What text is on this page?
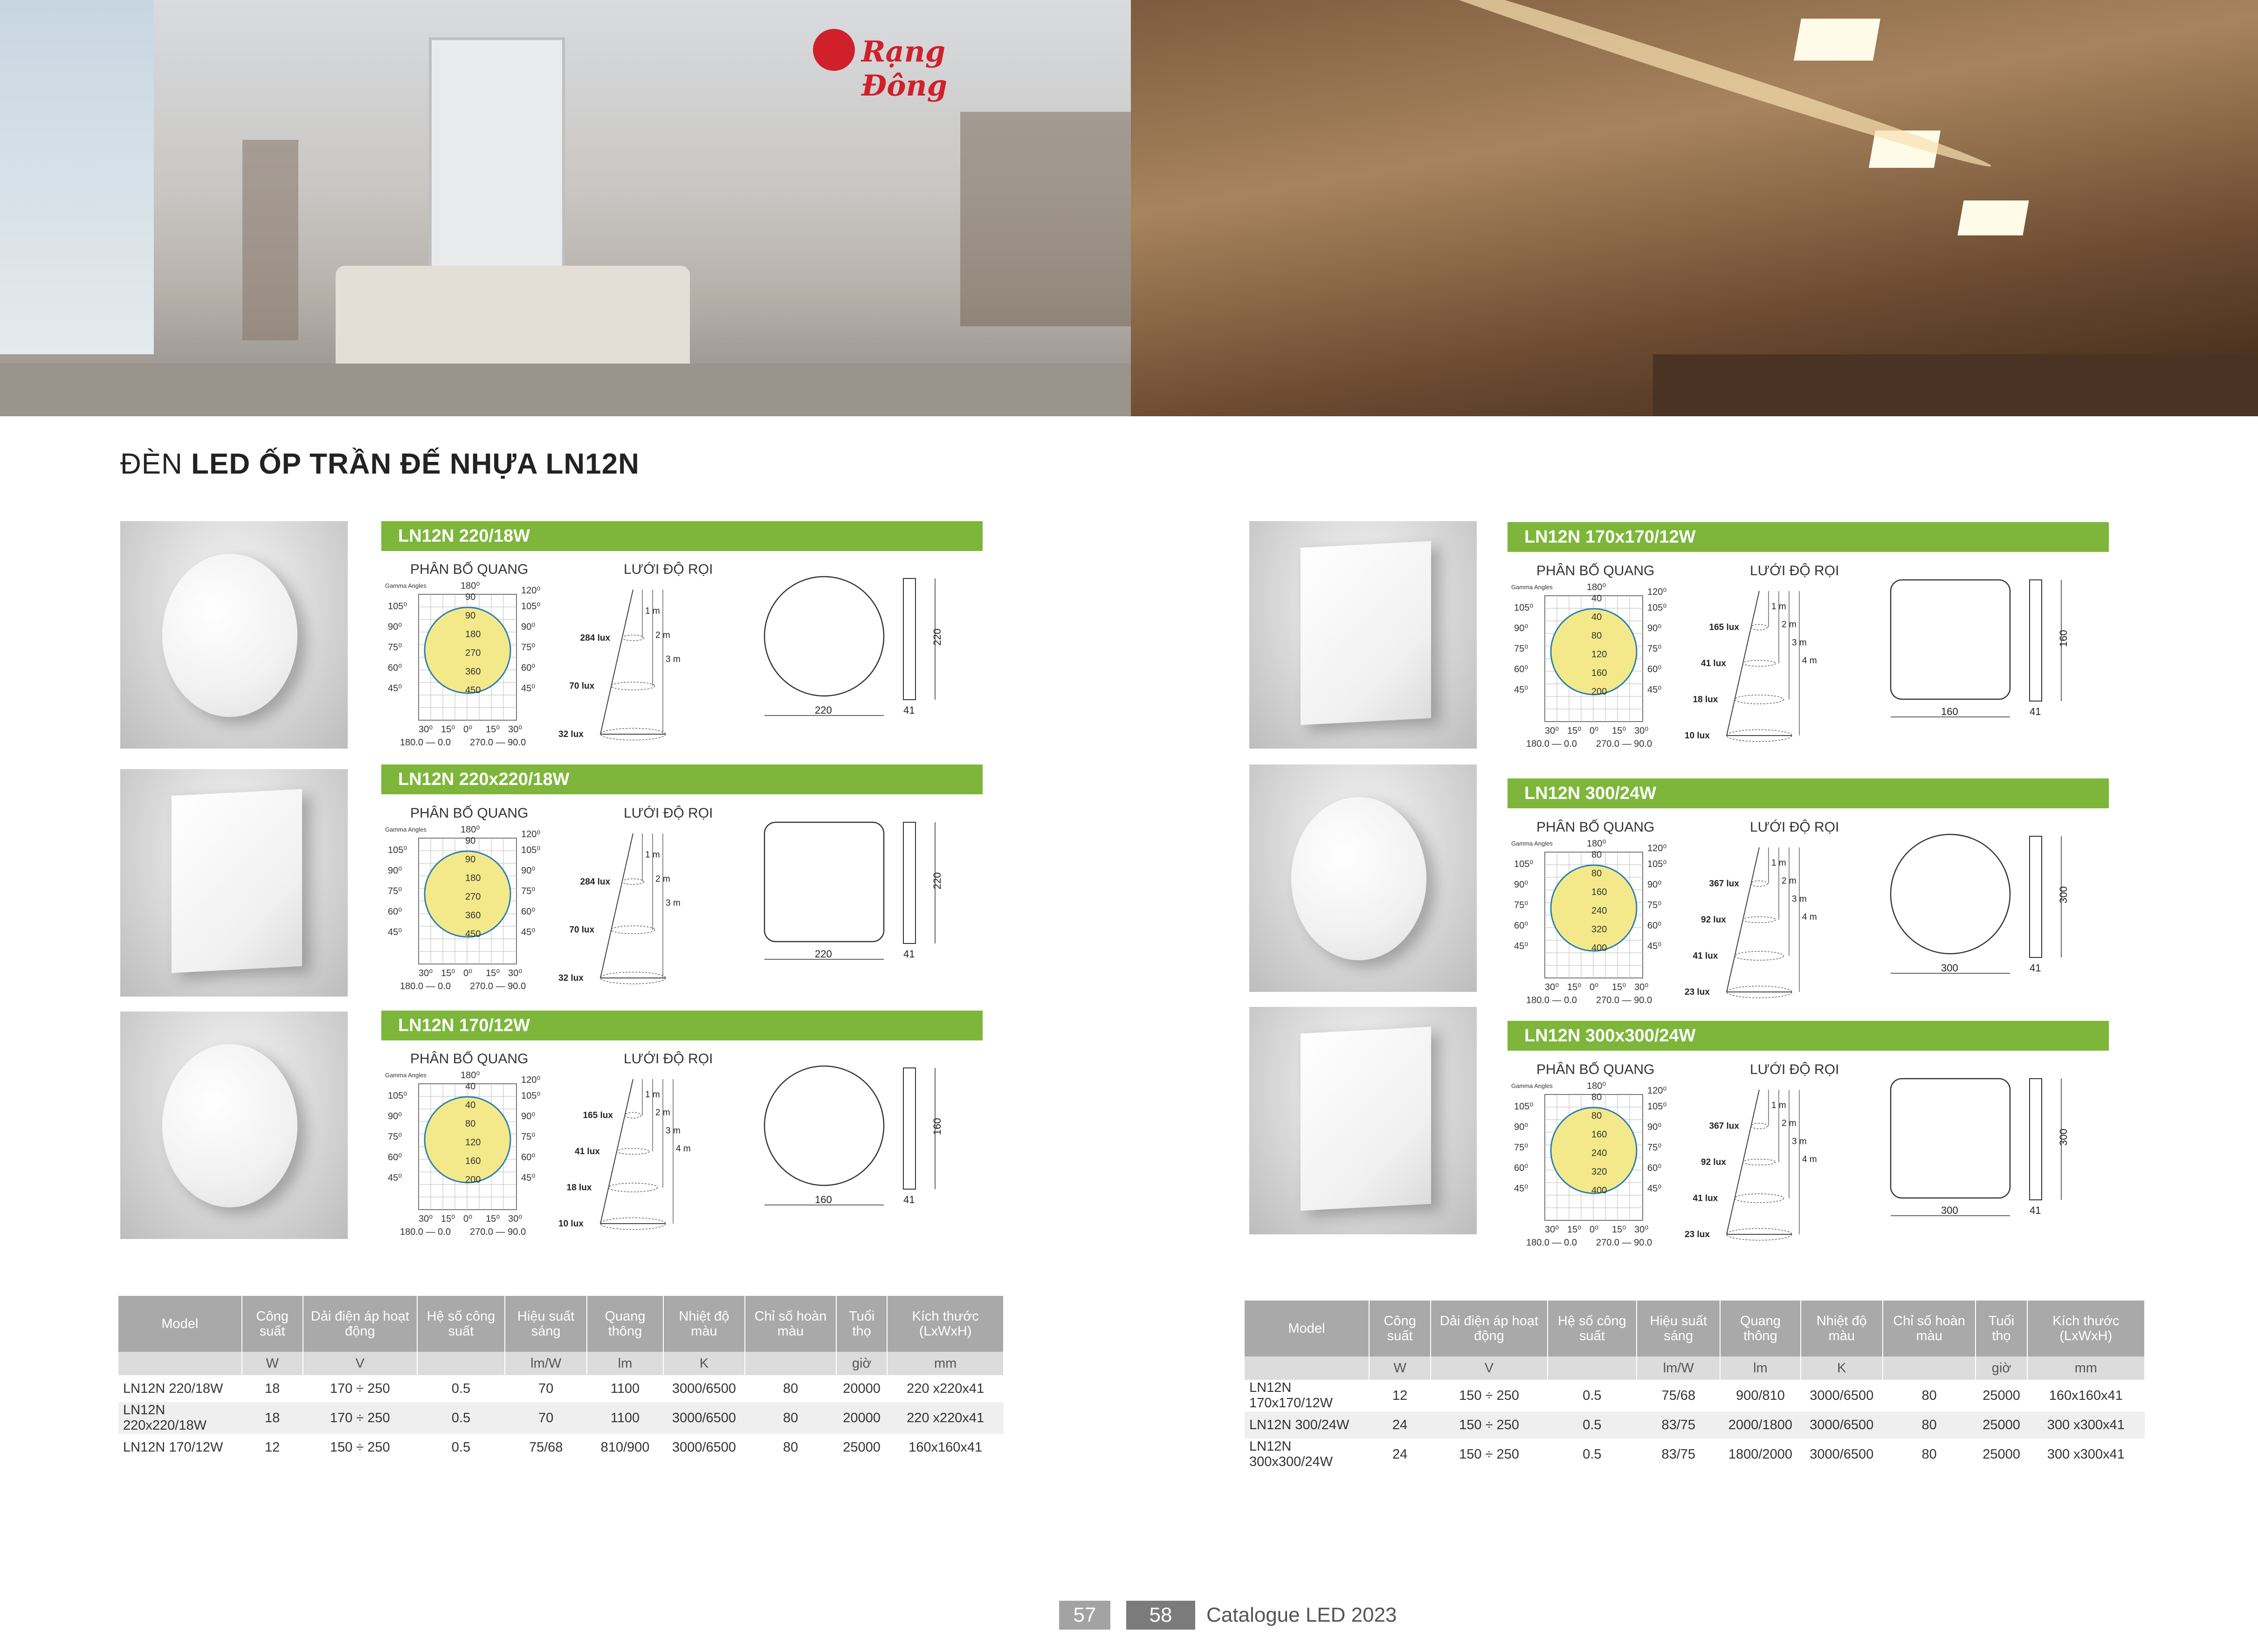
Rạng Đông
ĐÈN LED ỐP TRẦN ĐẾ NHỰA LN12N
LN12N 220/18W
PHÂN BỐ QUANG	LƯỚI ĐỘ RỌI
Gamma Angles	180⁰	120⁰
105⁰
90⁰
75⁰
60⁰
45⁰
105⁰
90⁰
75⁰
60⁰
45⁰
90
90
180
270
360
450
30⁰ 15⁰ 0⁰ 15⁰ 30⁰
180.0 — 0.0 270.0 — 90.0
284 lux
70 lux
32 lux
1 m
2 m
3 m
220
220
41
LN12N 220x220/18W
PHÂN BỐ QUANG	LƯỚI ĐỘ RỌI
Gamma Angles	180⁰	120⁰
105⁰
90⁰
75⁰
60⁰
45⁰
105⁰
90⁰
75⁰
60⁰
45⁰
90
90
180
270
360
450
30⁰ 15⁰ 0⁰ 15⁰ 30⁰
180.0 — 0.0 270.0 — 90.0
284 lux
70 lux
32 lux
1 m
2 m
3 m
220
220
41
LN12N 170/12W
PHÂN BỐ QUANG	LƯỚI ĐỘ RỌI
Gamma Angles	180⁰	120⁰
105⁰
90⁰
75⁰
60⁰
45⁰
105⁰
90⁰
75⁰
60⁰
45⁰
40
40
80
120
160
200
30⁰ 15⁰ 0⁰ 15⁰ 30⁰
180.0 — 0.0 270.0 — 90.0
165 lux
41 lux
18 lux
10 lux
1 m
2 m
3 m
4 m
160
160
41
LN12N 170x170/12W
PHÂN BỐ QUANG	LƯỚI ĐỘ RỌI
Gamma Angles	180⁰	120⁰
105⁰
90⁰
75⁰
60⁰
45⁰
105⁰
90⁰
75⁰
60⁰
45⁰
40
40
80
120
160
200
30⁰ 15⁰ 0⁰ 15⁰ 30⁰
180.0 — 0.0 270.0 — 90.0
165 lux
41 lux
18 lux
10 lux
1 m
2 m
3 m
4 m
160
160
41
LN12N 300/24W
PHÂN BỐ QUANG	LƯỚI ĐỘ RỌI
Gamma Angles	180⁰	120⁰
105⁰
90⁰
75⁰
60⁰
45⁰
105⁰
90⁰
75⁰
60⁰
45⁰
80
80
160
240
320
400
30⁰ 15⁰ 0⁰ 15⁰ 30⁰
180.0 — 0.0 270.0 — 90.0
367 lux
92 lux
41 lux
23 lux
1 m
2 m
3 m
4 m
300
300
41
LN12N 300x300/24W
PHÂN BỐ QUANG	LƯỚI ĐỘ RỌI
Gamma Angles	180⁰	120⁰
105⁰
90⁰
75⁰
60⁰
45⁰
105⁰
90⁰
75⁰
60⁰
45⁰
80
80
160
240
320
400
30⁰ 15⁰ 0⁰ 15⁰ 30⁰
180.0 — 0.0 270.0 — 90.0
367 lux
92 lux
41 lux
23 lux
1 m
2 m
3 m
4 m
300
300
41
Model	Công suất	Dải điện áp hoạt động	Hệ số công suất	Hiệu suất sáng	Quang thông	Nhiệt độ màu	Chỉ số hoàn màu	Tuổi thọ	Kích thước (LxWxH)
	W	V		lm/W	lm	K		giờ	mm
LN12N 220/18W	18	170 ÷ 250	0.5	70	1100	3000/6500	80	20000	220 x220x41
LN12N 220x220/18W	18	170 ÷ 250	0.5	70	1100	3000/6500	80	20000	220 x220x41
LN12N 170/12W	12	150 ÷ 250	0.5	75/68	810/900	3000/6500	80	25000	160x160x41
Model	Công suất	Dải điện áp hoạt động	Hệ số công suất	Hiệu suất sáng	Quang thông	Nhiệt độ màu	Chỉ số hoàn màu	Tuổi thọ	Kích thước (LxWxH)
	W	V		lm/W	lm	K		giờ	mm
LN12N 170x170/12W	12	150 ÷ 250	0.5	75/68	900/810	3000/6500	80	25000	160x160x41
LN12N 300/24W	24	150 ÷ 250	0.5	83/75	2000/1800	3000/6500	80	25000	300 x300x41
LN12N 300x300/24W	24	150 ÷ 250	0.5	83/75	1800/2000	3000/6500	80	25000	300 x300x41
57	58	Catalogue LED 2023
